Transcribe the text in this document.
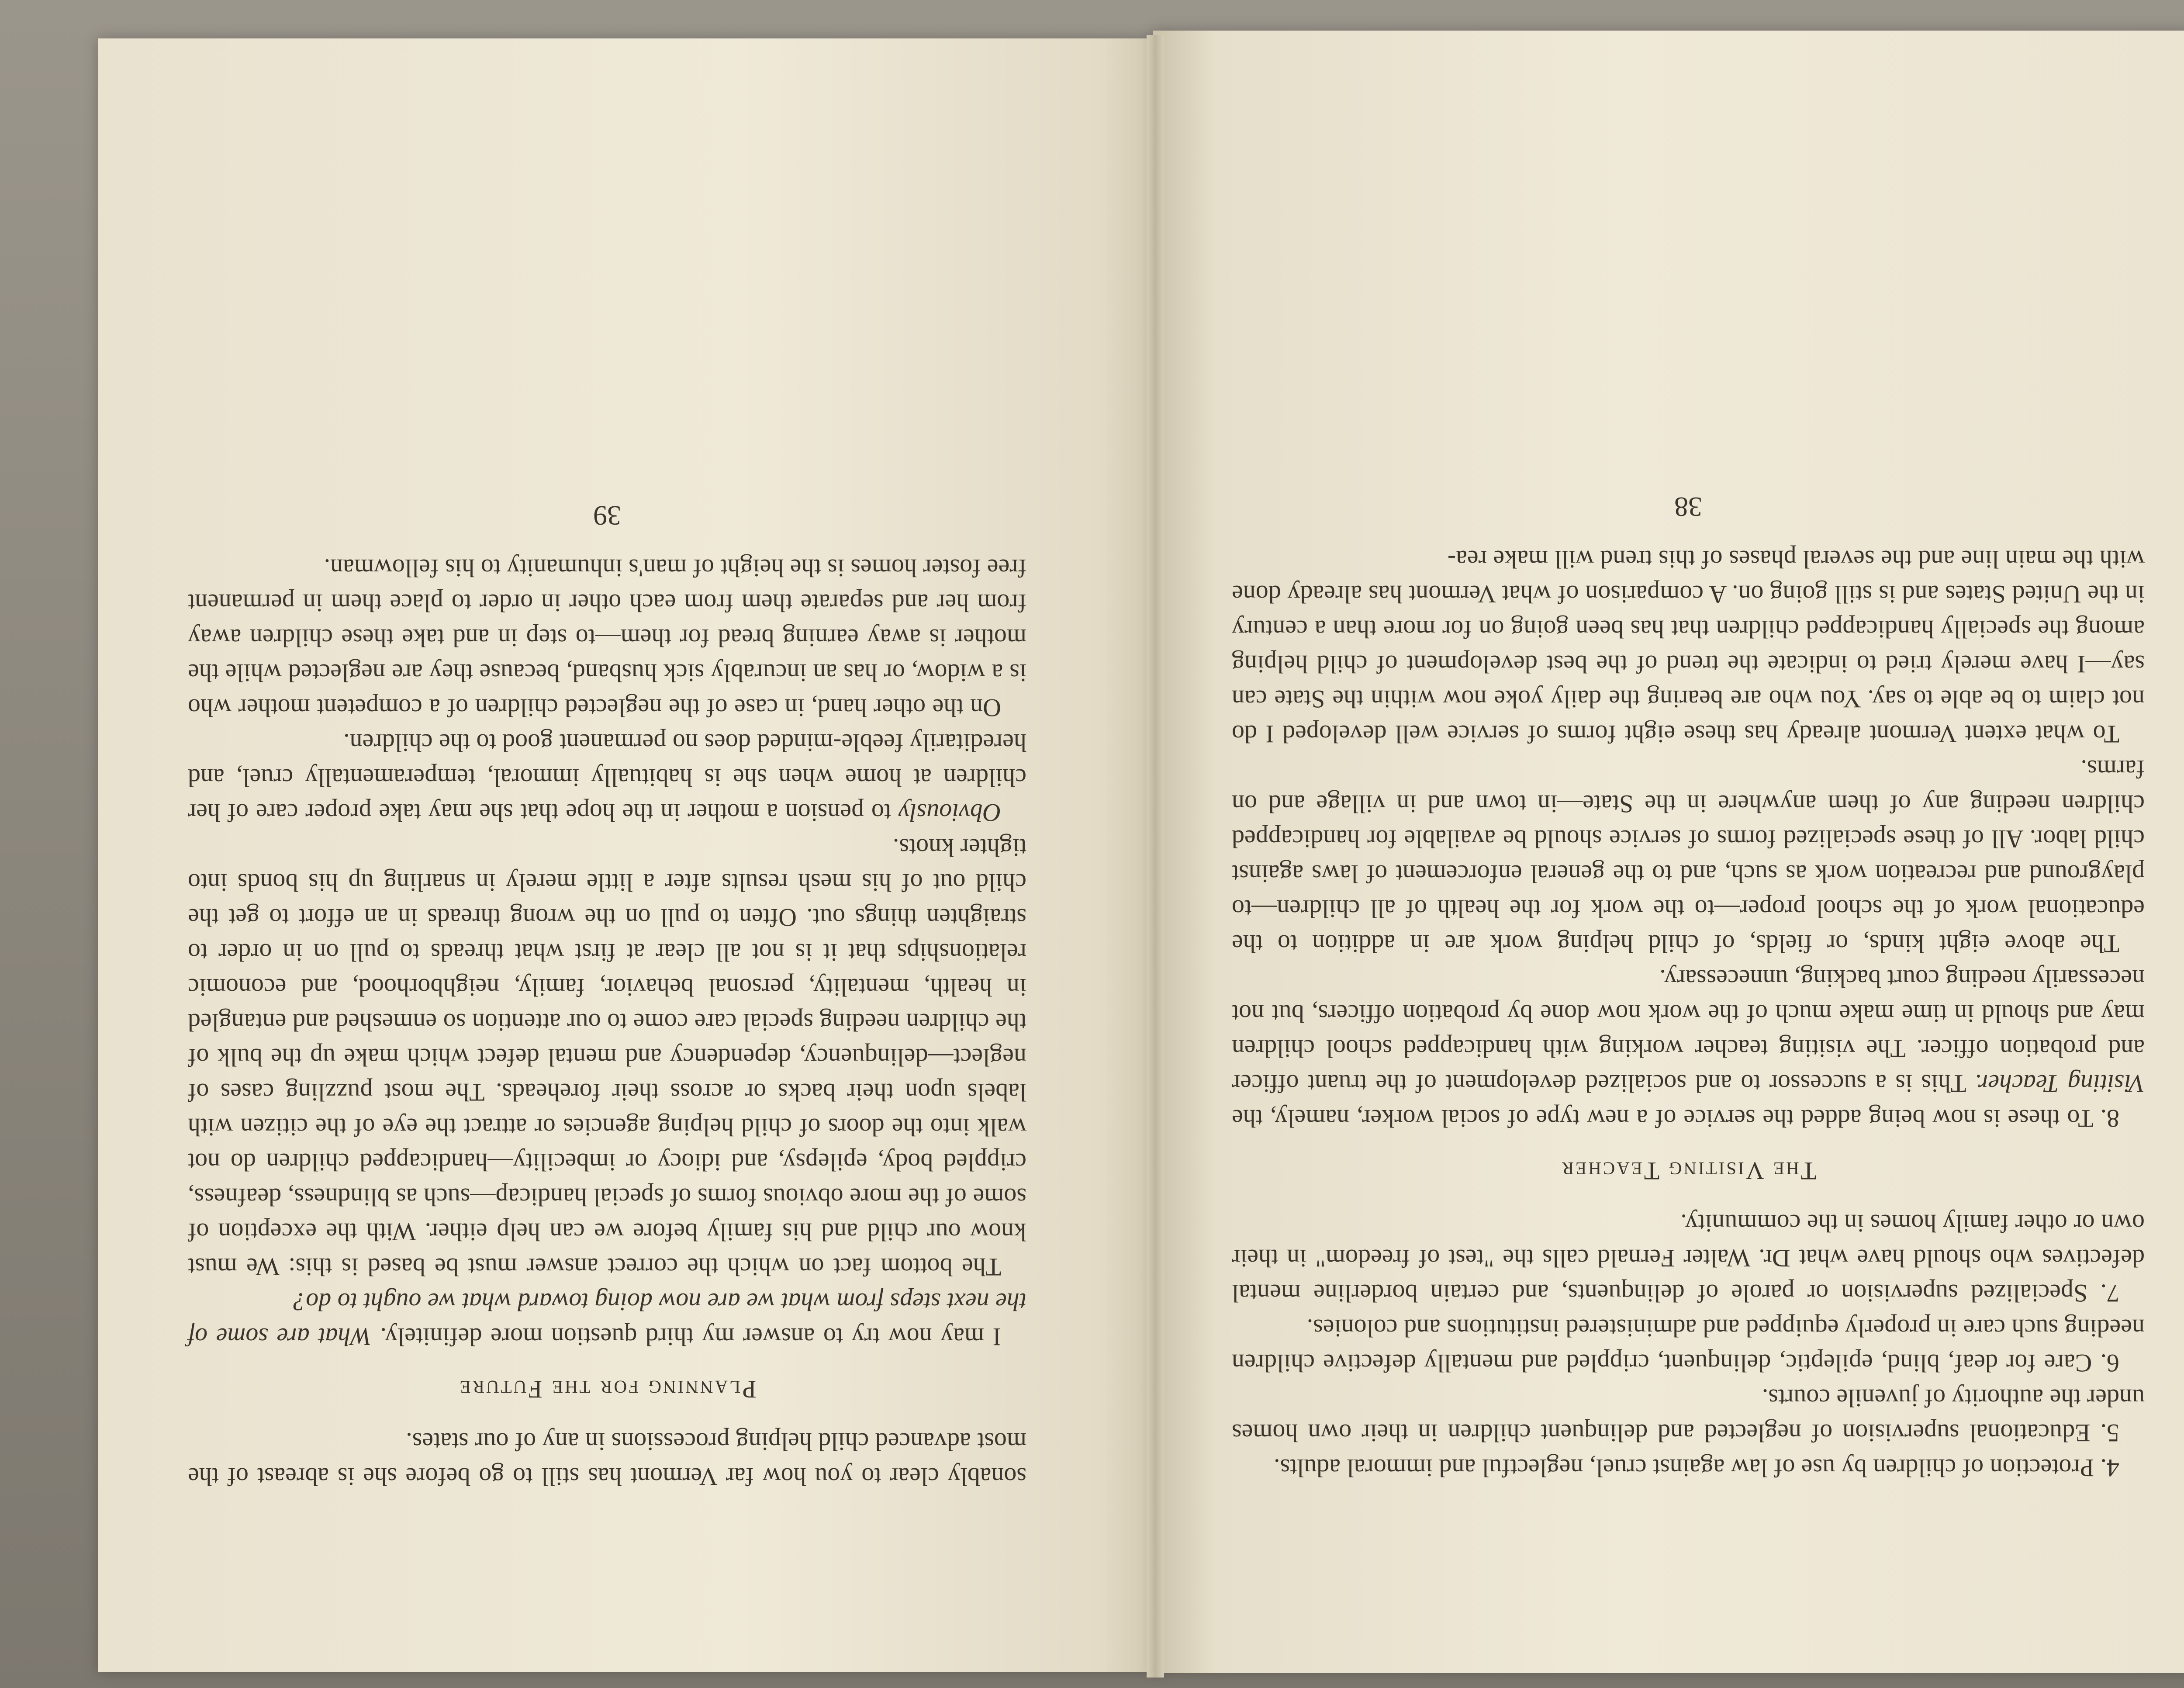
sonably clear to you how far Vermont has still to go before she is abreast of the most advanced child helping processions in any of our states.

Planning for the Future

I may now try to answer my third question more definitely. What are some of the next steps from what we are now doing toward what we ought to do?

The bottom fact on which the correct answer must be based is this: We must know our child and his family before we can help either. With the exception of some of the more obvious forms of special handicap—such as blindness, deafness, crippled body, epilepsy, and idiocy or imbecility—handicapped children do not walk into the doors of child helping agencies or attract the eye of the citizen with labels upon their backs or across their foreheads. The most puzzling cases of neglect—delinquency, dependency and mental defect which make up the bulk of the children needing special care come to our attention so enmeshed and entangled in health, mentality, personal behavior, family, neighborhood, and economic relationships that it is not all clear at first what threads to pull on in order to straighten things out. Often to pull on the wrong threads in an effort to get the child out of his mesh results after a little merely in snarling up his bonds into tighter knots.

Obviously to pension a mother in the hope that she may take proper care of her children at home when she is habitually immoral, temperamentally cruel, and hereditarily feeble-minded does no permanent good to the children.

On the other hand, in case of the neglected children of a competent mother who is a widow, or has an incurably sick husband, because they are neglected while the mother is away earning bread for them—to step in and take these children away from her and separate them from each other in order to place them in permanent free foster homes is the height of man's inhumanity to his fellowman.

39

4. Protection of children by use of law against cruel, neglectful and immoral adults.

5. Educational supervision of neglected and delinquent children in their own homes under the authority of juvenile courts.

6. Care for deaf, blind, epileptic, delinquent, crippled and mentally defective children needing such care in properly equipped and administered institutions and colonies.

7. Specialized supervision or parole of delinquents, and certain borderline mental defectives who should have what Dr. Walter Fernald calls the "test of freedom" in their own or other family homes in the community.

The Visiting Teacher

8. To these is now being added the service of a new type of social worker, namely, the Visiting Teacher. This is a successor to and socialized development of the truant officer and probation officer. The visiting teacher working with handicapped school children may and should in time make much of the work now done by probation officers, but not necessarily needing court backing, unnecessary.

The above eight kinds, or fields, of child helping work are in addition to the educational work of the school proper—to the work for the health of all children—to playground and recreation work as such, and to the general enforcement of laws against child labor. All of these specialized forms of service should be available for handicapped children needing any of them anywhere in the State—in town and in village and on farms.

To what extent Vermont already has these eight forms of service well developed I do not claim to be able to say. You who are bearing the daily yoke now within the State can say—I have merely tried to indicate the trend of the best development of child helping among the specially handicapped children that has been going on for more than a century in the United States and is still going on. A comparison of what Vermont has already done with the main line and the several phases of this trend will make rea-

38
